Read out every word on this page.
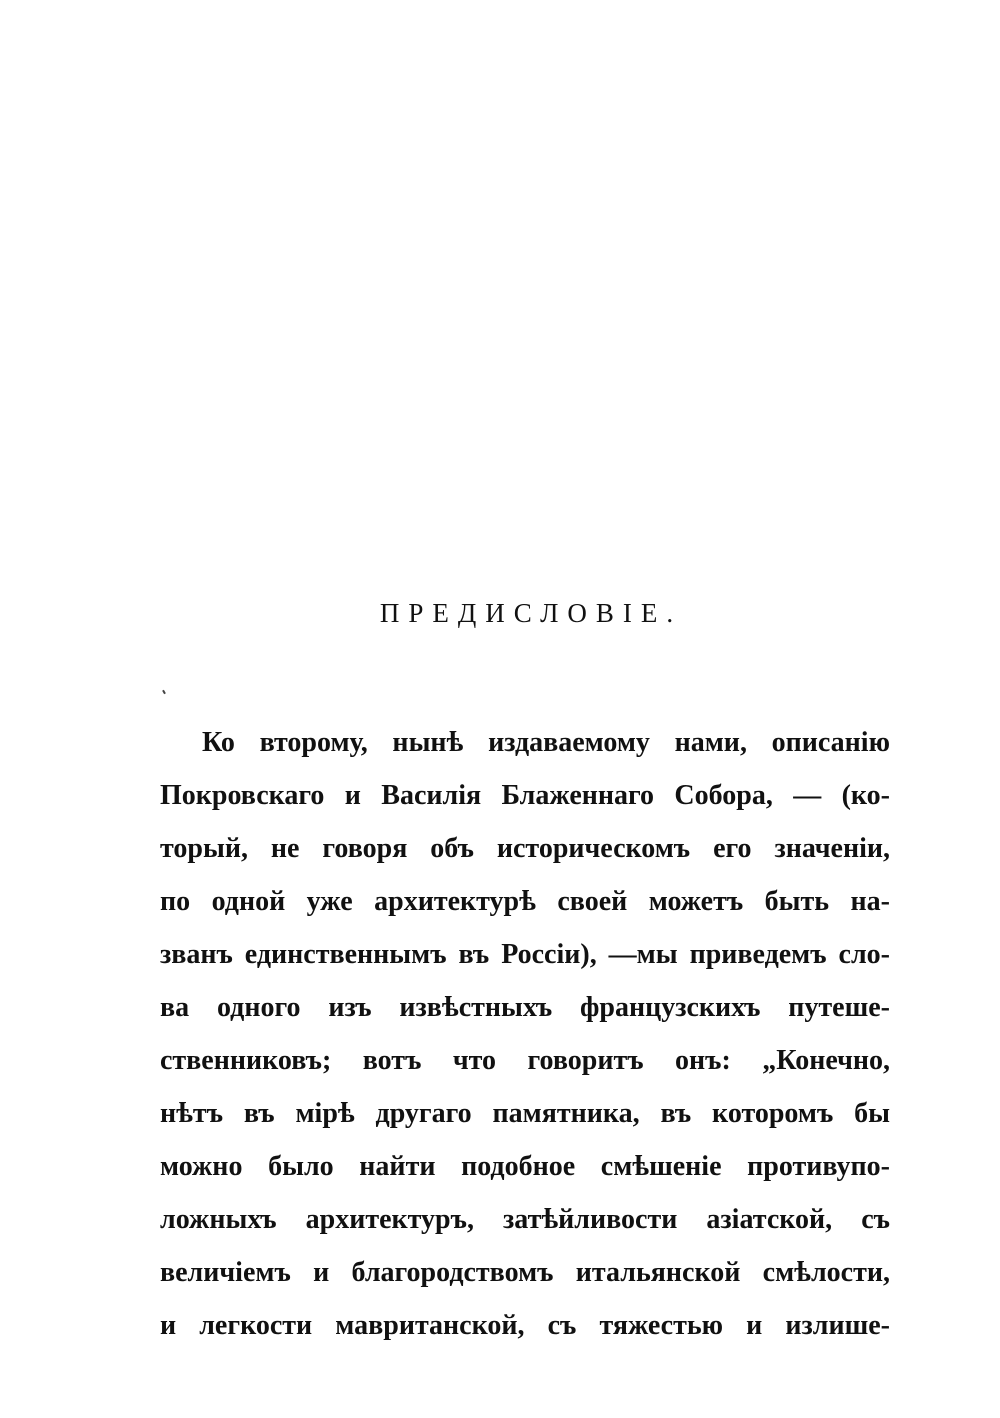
ПРЕДИСЛОВІЕ.
Ко второму, нынѣ издаваемому нами, описанію
Покровскаго и Василія Блаженнаго Собора, — (ко-
торый, не говоря объ историческомъ его значеніи,
по одной уже архитектурѣ своей можетъ быть на-
званъ единственнымъ въ Россіи), —мы приведемъ сло-
ва одного изъ извѣстныхъ французскихъ путеше-
ственниковъ; вотъ что говоритъ онъ: „Конечно,
нѣтъ въ мірѣ другаго памятника, въ которомъ бы
можно было найти подобное смѣшеніе противупо-
ложныхъ архитектуръ, затѣйливости азіатской, съ
величіемъ и благородствомъ итальянской смѣлости,
и легкости мавританской, съ тяжестью и излише-
